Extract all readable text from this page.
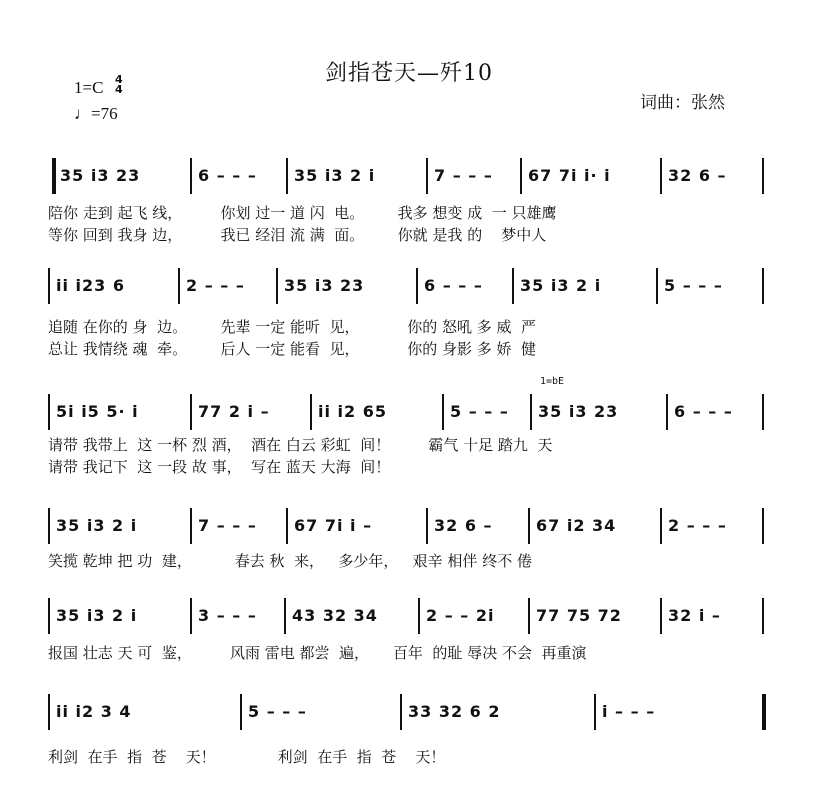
剑指苍天—歼10
1=C 4
4
♩=76
词曲：张然
1=bE
35 i3 23	6 – – –	35 i3 2 i	7 – – –	67 7i i· i	32 6 –
陪你 走到 起飞 线，        你划 过一 道 闪  电。       我多 想变 成  一 只雄鹰
等你 回到 我身 边，        我已 经泪 流 满  面。       你就 是我 的    梦中人
ii i23 6	2 – – –	35 i3 23	6 – – –	35 i3 2 i	5 – – –
追随 在你的 身  边。       先辈 一定 能听  见，          你的 怒吼 多 威  严
总让 我情绕 魂  牵。       后人 一定 能看  见，          你的 身影 多 娇  健
5i i5 5· i	77 2 i –	ii i2 65	5 – – –	35 i3 23	6 – – –
请带 我带上  这 一杯 烈 酒，  酒在 白云 彩虹  间！        霸气 十足 踏九  天
请带 我记下  这 一段 故 事，  写在 蓝天 大海  间！
35 i3 2 i	7 – – –	67 7i i –	32 6 –	67 i2 34	2 – – –
笑揽 乾坤 把 功  建，         春去 秋  来，   多少年，   艰辛 相伴 终不 倦
35 i3 2 i	3 – – –	43 32 34	2 – – 2i	77 75 72	32 i –
报国 壮志 天 可  鉴，        风雨 雷电 都尝  遍，     百年  的耻 辱决 不会  再重演
ii i2 3 4	5 – – –	33 32 6 2	i – – –
利剑  在手  指  苍    天！             利剑  在手  指  苍    天！
